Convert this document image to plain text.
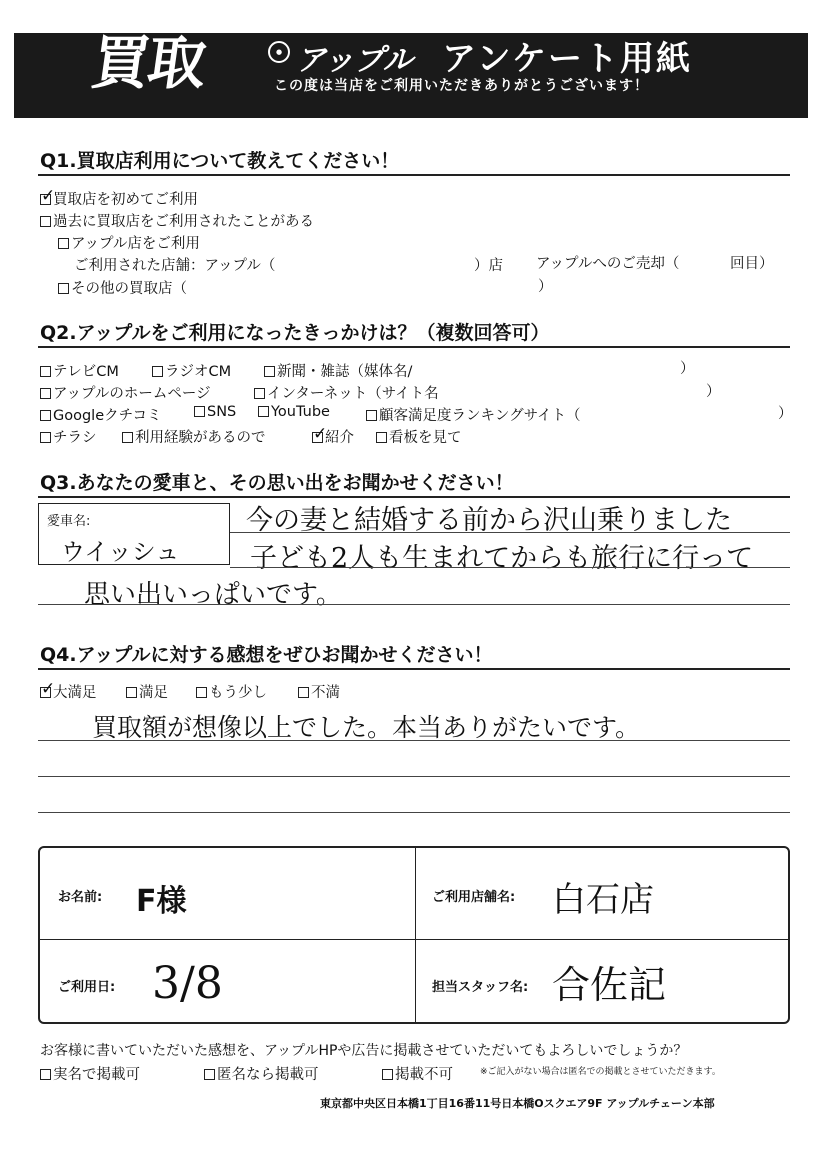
買取	● アップル アンケート用紙
この度は当店をご利用いただきありがとうございます！
Q1.買取店利用について教えてください！
✓買取店を初めてご利用
過去に買取店をご利用されたことがある
アップル店をご利用
ご利用された店舗：アップル（	）店 アップルへのご売却（	回目）
その他の買取店（	）
Q2.アップルをご利用になったきっかけは？（複数回答可）
テレビCM	ラジオCM	新聞・雑誌（媒体名/	）
アップルのホームページ	インターネット（サイト名	）
Googleクチコミ	SNS	YouTube	顧客満足度ランキングサイト（	）
チラシ	利用経験があるので
✓	紹介	看板を見て
Q3.あなたの愛車と、その思い出をお聞かせください！
愛車名:
ウイッシュ
今の妻と結婚する前から沢山乗りました
子ども2人も生まれてからも旅行に行って
思い出いっぱいです。
Q4.アップルに対する感想をぜひお聞かせください！
✓大満足	満足	もう少し	不満
買取額が想像以上でした。本当ありがたいです。
お名前: F様	ご利用店舗名: 白石店
ご利用日: 3/8	担当スタッフ名: 合佐記
お客様に書いていただいた感想を、アップルHPや広告に掲載させていただいてもよろしいでしょうか？
実名で掲載可	匿名なら掲載可	掲載不可	※ご記入がない場合は匿名での掲載とさせていただきます。
東京都中央区日本橋1丁目16番11号日本橋Oスクエア9F アップルチェーン本部
